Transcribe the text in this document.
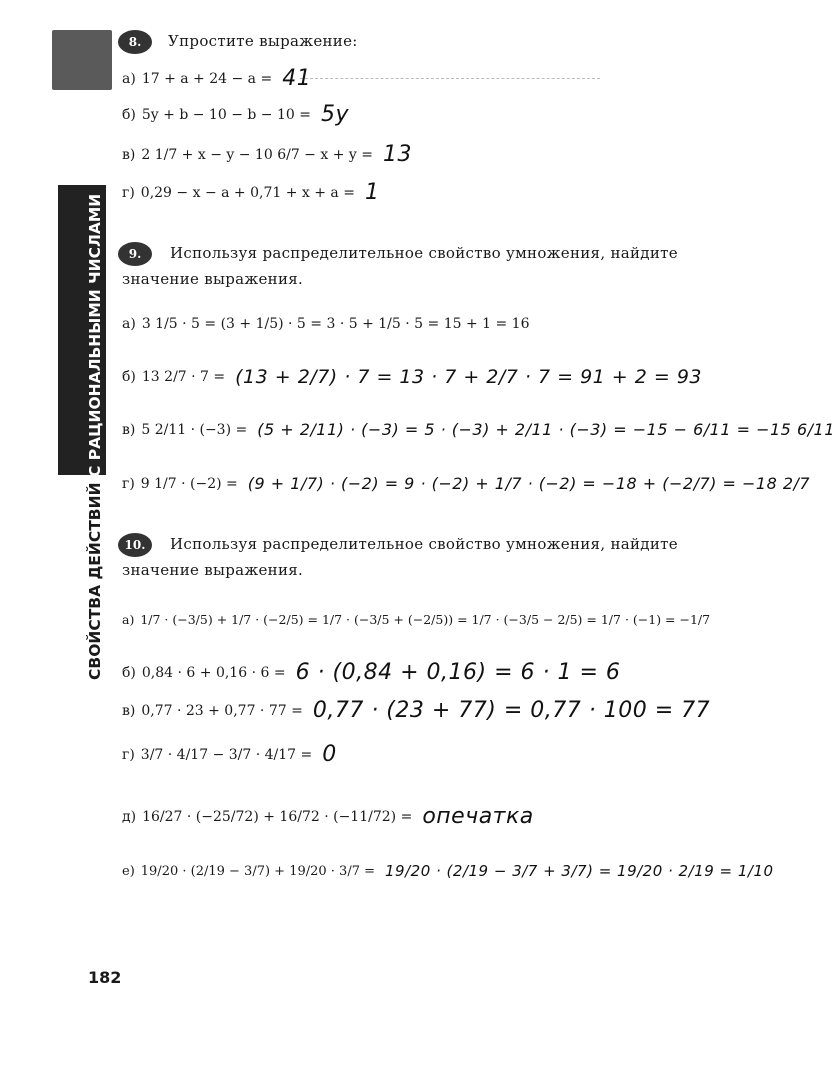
СВОЙСТВА ДЕЙСТВИЙ С РАЦИОНАЛЬНЫМИ ЧИСЛАМИ
8.	Упростите выражение:
а) 17 + a + 24 − a = 41
б) 5y + b − 10 − b − 10 = 5y
в) 2 1/7 + x − y − 10 6/7 − x + y = 13
г) 0,29 − x − a + 0,71 + x + a = 1
9.	Используя распределительное свойство умножения, найдите
значение выражения.
а) 3 1/5 · 5 = (3 + 1/5) · 5 = 3 · 5 + 1/5 · 5 = 15 + 1 = 16
б) 13 2/7 · 7 = (13 + 2/7) · 7 = 13 · 7 + 2/7 · 7 = 91 + 2 = 93
в) 5 2/11 · (−3) = (5 + 2/11) · (−3) = 5 · (−3) + 2/11 · (−3) = −15 − 6/11 = −15 6/11
г) 9 1/7 · (−2) = (9 + 1/7) · (−2) = 9 · (−2) + 1/7 · (−2) = −18 + (−2/7) = −18 2/7
10.	Используя распределительное свойство умножения, найдите
значение выражения.
а) 1/7 · (−3/5) + 1/7 · (−2/5) = 1/7 · (−3/5 + (−2/5)) = 1/7 · (−3/5 − 2/5) = 1/7 · (−1) = −1/7
б) 0,84 · 6 + 0,16 · 6 = 6 · (0,84 + 0,16) = 6 · 1 = 6
в) 0,77 · 23 + 0,77 · 77 = 0,77 · (23 + 77) = 0,77 · 100 = 77
г) 3/7 · 4/17 − 3/7 · 4/17 = 0
д) 16/27 · (−25/72) + 16/72 · (−11/72) = опечатка
е) 19/20 · (2/19 − 3/7) + 19/20 · 3/7 = 19/20 · (2/19 − 3/7 + 3/7) = 19/20 · 2/19 = 1/10
182
